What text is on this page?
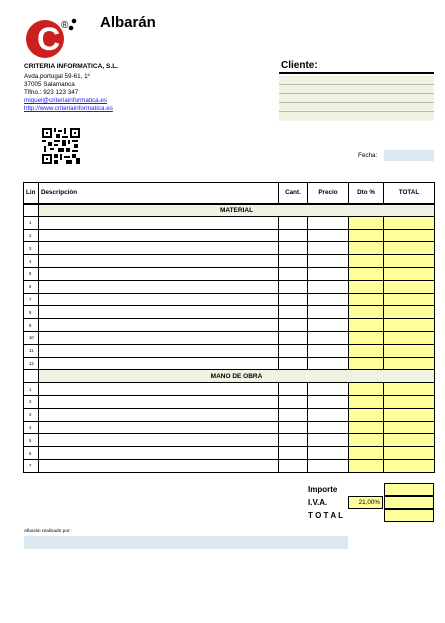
C ® Albarán
CRITERIA INFORMATICA, S.L.
Avda.portugal 59-61, 1º
37005 Salamanca
Tlfno.: 923 123 347
miguel@criteriainformatica.es
http://www.criteriainformatica.es
Cliente:
Fecha:
Lin	Descripción	Cant.	Precio	Dto %	TOTAL
	MATERIAL				
1					
2					
3					
4					
5					
6					
7					
8					
9					
10					
11					
12					
	MANO DE OBRA				
1					
2					
3					
4					
5					
6					
7					
Importe
I.V.A.	21,00%
T O T A L
Albarán realizado por:
